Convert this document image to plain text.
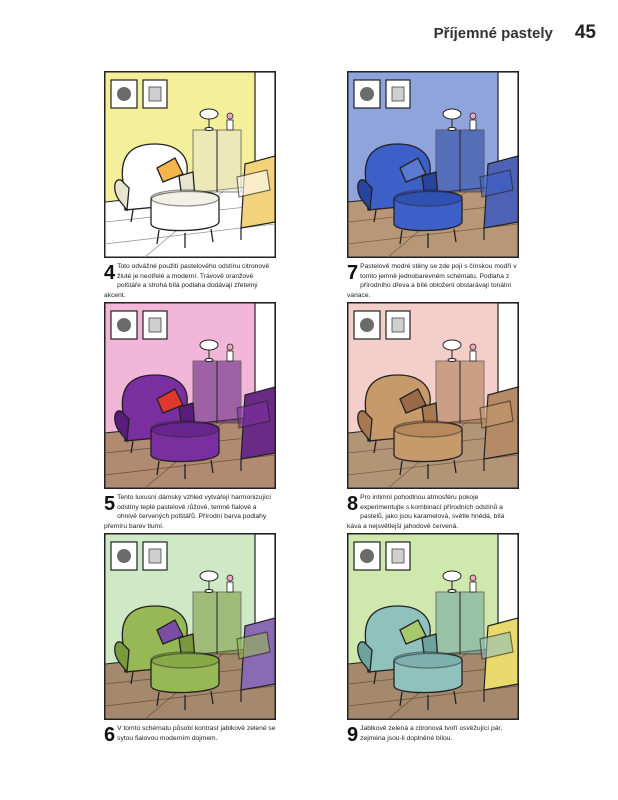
Příjemné pastely 45
4 Toto odvážné použití pastelového odstínu citronově žluté je neotřelé a moderní. Trávově oranžové polštáře a strohá bílá podlaha dodávají zřetelný akcent.
7 Pastelově modré stěny se zde pojí s čínskou modří v tomto jemně jednobarevném schématu. Podlaha z přírodního dřeva a bílé obložení obstarávají tonální variace.
5 Tento luxusní dámský vzhled vytvářejí harmonizující odstíny teplé pastelově růžové, temně fialové a ohnivě červených polštářů. Přírodní barva podlahy přemíru barev tlumí.
8 Pro intimní pohodlnou atmosféru pokoje experimentujte s kombinací přírodních odstínů a pastelů, jako jsou karamelová, světle hnědá, bílá káva a nejsvětlejší jahodově červená.
6 V tomto schématu působí kontrast jablkově zelené se sytou fialovou moderním dojmem.	9 Jablkově zelená a citronová tvoří osvěžující pár, zejména jsou-li doplněné bílou.
